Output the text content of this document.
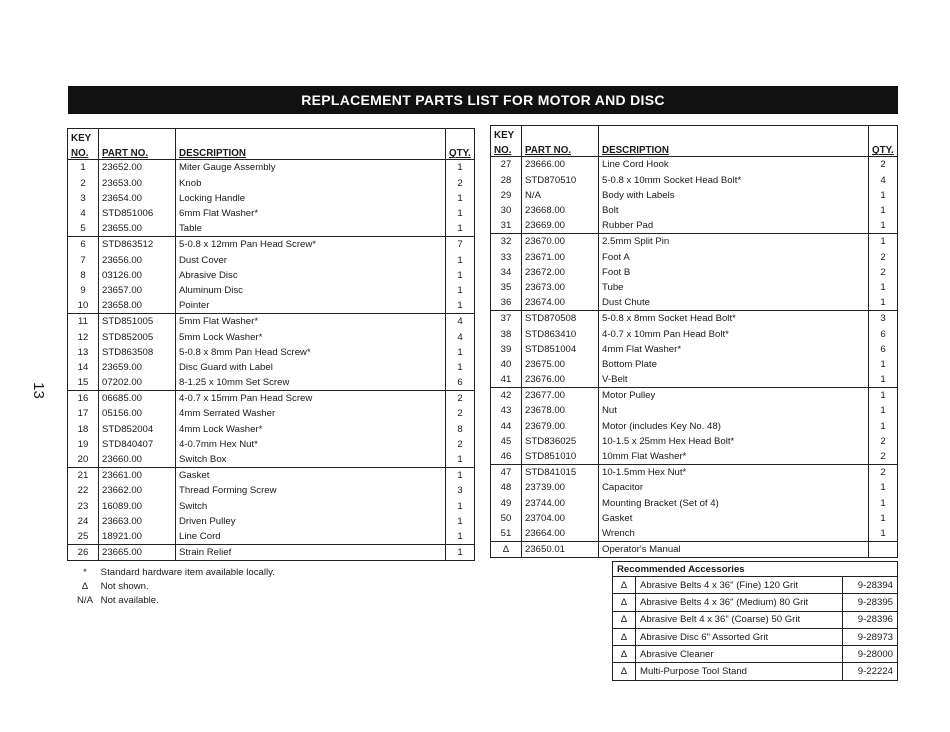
REPLACEMENT PARTS LIST FOR MOTOR AND DISC
13
KEY			
NO.	PART NO.	DESCRIPTION	QTY.
1	23652.00	Miter Gauge Assembly	1
2	23653.00	Knob	2
3	23654.00	Locking Handle	1
4	STD851006	6mm Flat Washer*	1
5	23655.00	Table	1
6	STD863512	5-0.8 x 12mm Pan Head Screw*	7
7	23656.00	Dust Cover	1
8	03126.00	Abrasive Disc	1
9	23657.00	Aluminum Disc	1
10	23658.00	Pointer	1
11	STD851005	5mm Flat Washer*	4
12	STD852005	5mm Lock Washer*	4
13	STD863508	5-0.8 x 8mm Pan Head Screw*	1
14	23659.00	Disc Guard with Label	1
15	07202.00	8-1.25 x 10mm Set Screw	6
16	06685.00	4-0.7 x 15mm Pan Head Screw	2
17	05156.00	4mm Serrated Washer	2
18	STD852004	4mm Lock Washer*	8
19	STD840407	4-0.7mm Hex Nut*	2
20	23660.00	Switch Box	1
21	23661.00	Gasket	1
22	23662.00	Thread Forming Screw	3
23	16089.00	Switch	1
24	23663.00	Driven Pulley	1
25	18921.00	Line Cord	1
26	23665.00	Strain Relief	1
KEY			
NO.	PART NO.	DESCRIPTION	QTY.
27	23666.00	Line Cord Hook	2
28	STD870510	5-0.8 x 10mm Socket Head Bolt*	4
29	N/A	Body with Labels	1
30	23668.00	Bolt	1
31	23669.00	Rubber Pad	1
32	23670.00	2.5mm Split Pin	1
33	23671.00	Foot A	2
34	23672.00	Foot B	2
35	23673.00	Tube	1
36	23674.00	Dust Chute	1
37	STD870508	5-0.8 x 8mm Socket Head Bolt*	3
38	STD863410	4-0.7 x 10mm Pan Head Bolt*	6
39	STD851004	4mm Flat Washer*	6
40	23675.00	Bottom Plate	1
41	23676.00	V-Belt	1
42	23677.00	Motor Pulley	1
43	23678.00	Nut	1
44	23679.00	Motor (includes Key No. 48)	1
45	STD836025	10-1.5 x 25mm Hex Head Bolt*	2
46	STD851010	10mm Flat Washer*	2
47	STD841015	10-1.5mm Hex Nut*	2
48	23739.00	Capacitor	1
49	23744.00	Mounting Bracket (Set of 4)	1
50	23704.00	Gasket	1
51	23664.00	Wrench	1
Δ	23650.01	Operator's Manual	
* Standard hardware item available locally.
Δ Not shown.
N/A Not available.
Recommended Accessories		
Δ	Abrasive Belts 4 x 36" (Fine) 120 Grit	9-28394
Δ	Abrasive Belts 4 x 36" (Medium) 80 Grit	9-28395
Δ	Abrasive Belt 4 x 36" (Coarse) 50 Grit	9-28396
Δ	Abrasive Disc 6" Assorted Grit	9-28973
Δ	Abrasive Cleaner	9-28000
Δ	Multi-Purpose Tool Stand	9-22224
